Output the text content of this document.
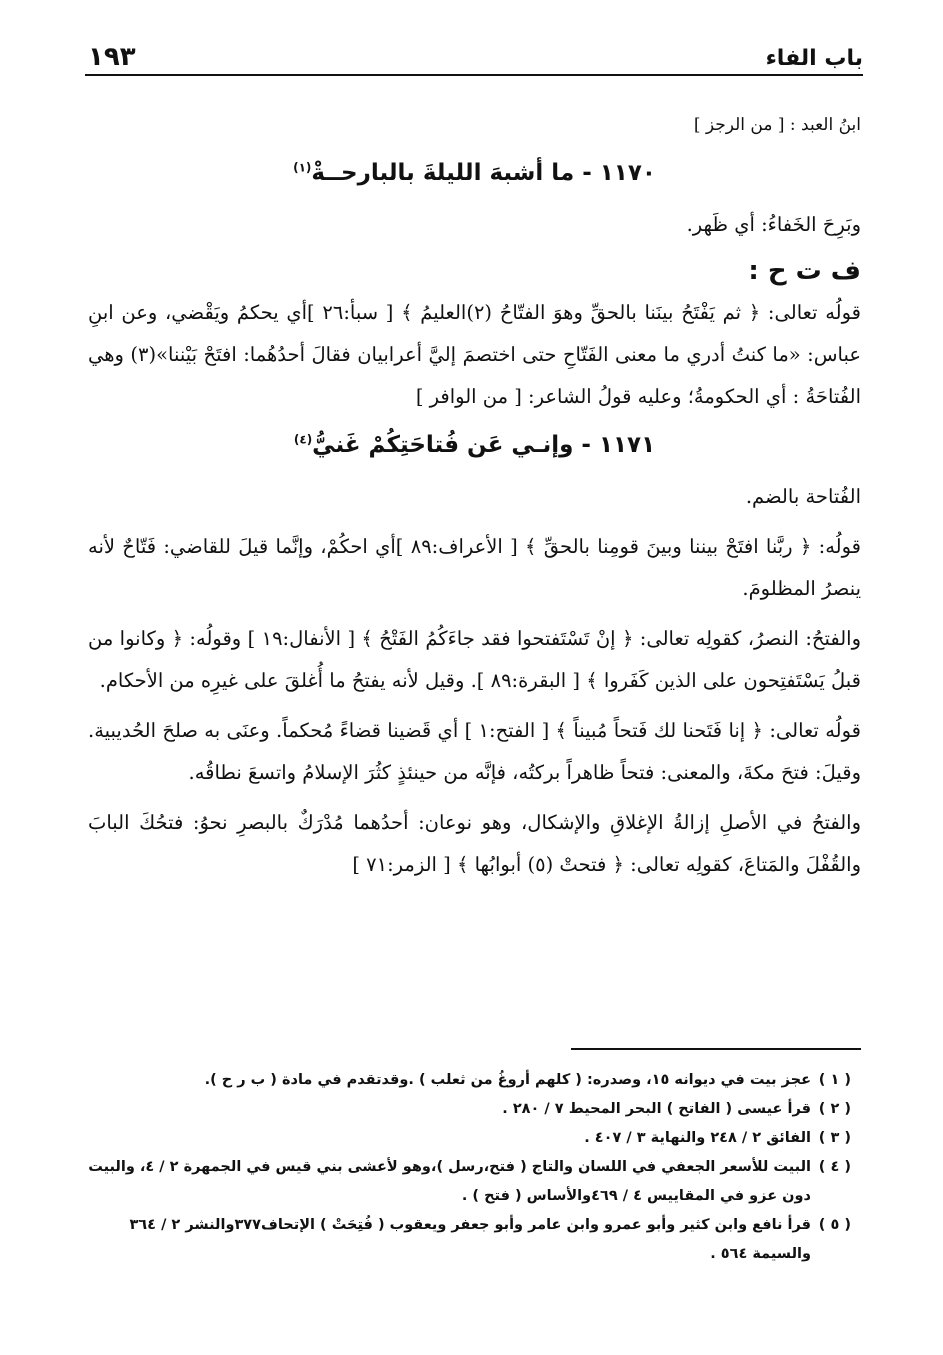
باب الفاء
١٩٣

ابنُ العبد : [ من الرجز ]

١١٧٠ - ما أشبهَ الليلةَ بالبارحــةْ$^{(١)}$

وبَرِحَ الخَفاءُ: أي ظَهر.

ف ت ح :

قولُه تعالى: ﴿ ثم يَفْتَحُ بينَنا بالحقِّ وهوَ الفتّاحُ (٢)العليمُ ﴾ [ سبأ:٢٦ ]أي يحكمُ ويَقْضي، وعن ابنِ عباس: «ما كنتُ أدري ما معنى الفَتّاحِ حتى اختصمَ إليَّ أعرابيان فقالَ أحدُهُما: افتَحْ بَيْننا»(٣) وهي الفُتاحَةُ : أي الحكومةُ؛ وعليه قولُ الشاعر: [ من الوافر ]

١١٧١ - وإنـي عَن فُتاحَتِكُمْ غَنيُّ$^{(٤)}$

الفُتاحة بالضم.

قولُه: ﴿ ربَّنا افتَحْ بيننا وبينَ قومِنا بالحقِّ ﴾ [ الأعراف:٨٩ ]أي احكُمْ، وإنَّما قيلَ للقاضي: فَتّاحٌ لأنه ينصرُ المظلومَ.

والفتحُ: النصرُ، كقولِه تعالى: ﴿ إنْ تَسْتَفتحوا فقد جاءَكُمُ الفَتْحُ ﴾ [ الأنفال:١٩ ] وقولُه: ﴿ وكانوا من قبلُ يَسْتَفتِحون على الذين كَفَروا ﴾ [ البقرة:٨٩ ]. وقيل لأنه يفتحُ ما أُغلقَ على غيرِه من الأحكام.

قولُه تعالى: ﴿ إنا فَتَحنا لك فَتحاً مُبيناً ﴾ [ الفتح:١ ] أي قَضينا قضاءً مُحكماً. وعنَى به صلحَ الحُديبية. وقيلَ: فتحَ مكةَ، والمعنى: فتحاً ظاهراً بركتُه، فإنَّه من حينئذٍ كثُرَ الإسلامُ واتسعَ نطاقُه.

والفتحُ في الأصلِ إزالةُ الإغلاقِ والإشكال، وهو نوعان: أحدُهما مُدْرَكٌ بالبصرِ نحوُ: فتحُكَ البابَ والقُفْلَ والمَتاعَ، كقولِه تعالى: ﴿ فتحتْ (٥) أبوابُها ﴾ [ الزمر:٧١ ]

( ١ )
عجز بيت في ديوانه ١٥، وصدره: ( كلهم أروغُ من ثعلب ) .وقدتقدم في مادة ( ب ر ح ).
( ٢ )
قرأ عيسى ( الفاتح ) البحر المحيط ٧ / ٢٨٠ .
( ٣ )
الفائق ٢ / ٢٤٨ والنهاية ٣ / ٤٠٧ .
( ٤ )
البيت للأسعر الجعفي في اللسان والتاج ( فتح،رسل )،وهو لأعشى بني قيس في الجمهرة ٢ / ٤، والبيت دون عزو في المقاييس ٤ / ٤٦٩والأساس ( فتح ) .
( ٥ )
قرأ نافع وابن كثير وأبو عمرو وابن عامر وأبو جعفر ويعقوب ( فُتِحَتْ ) الإتحاف٣٧٧والنشر ٢ / ٣٦٤ والسيمة ٥٦٤ .
